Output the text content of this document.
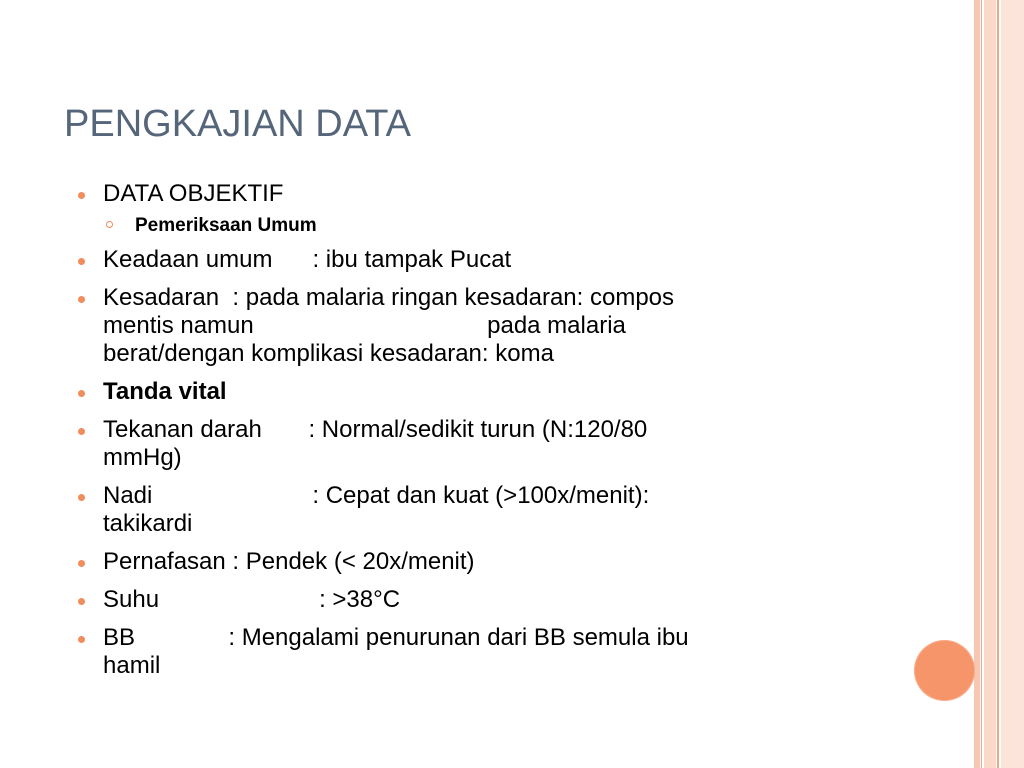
PENGKAJIAN DATA
DATA OBJEKTIF
Pemeriksaan Umum
Keadaan umum      : ibu tampak Pucat
Kesadaran  : pada malaria ringan kesadaran: compos
mentis namun                                   pada malaria
berat/dengan komplikasi kesadaran: koma
Tanda vital
Tekanan darah       : Normal/sedikit turun (N:120/80
mmHg)
Nadi                        : Cepat dan kuat (>100x/menit):
takikardi
Pernafasan : Pendek (< 20x/menit)
Suhu                        : >38°C
BB              : Mengalami penurunan dari BB semula ibu
hamil
